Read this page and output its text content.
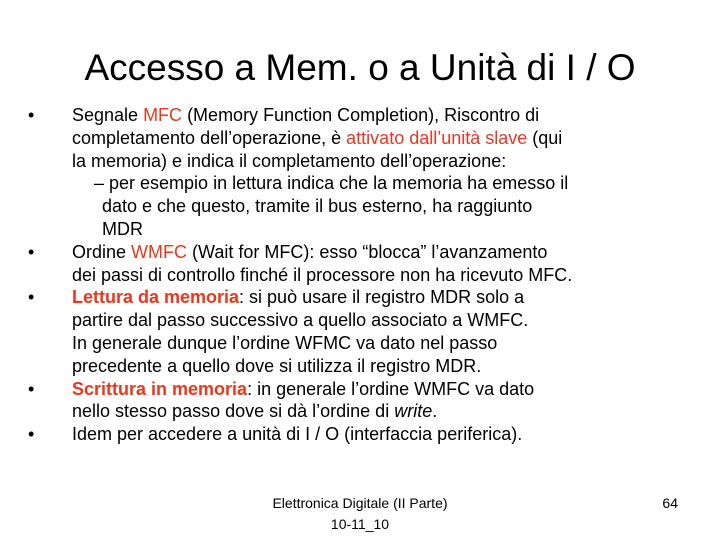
Accesso a Mem. o a Unità di I / O
•	Segnale MFC (Memory Function Completion), Riscontro di
completamento dell’operazione, è attivato dall’unità slave (qui
la memoria) e indica il completamento dell’operazione:
– per esempio in lettura indica che la memoria ha emesso il
dato e che questo, tramite il bus esterno, ha raggiunto
MDR
•	Ordine WMFC (Wait for MFC): esso “blocca” l’avanzamento
dei passi di controllo finché il processore non ha ricevuto MFC.
•	Lettura da memoria: si può usare il registro MDR solo a
partire dal passo successivo a quello associato a WMFC.
In generale dunque l’ordine WFMC va dato nel passo
precedente a quello dove si utilizza il registro MDR.
•	Scrittura in memoria: in generale l’ordine WMFC va dato
nello stesso passo dove si dà l’ordine di write.
•	Idem per accedere a unità di I / O (interfaccia periferica).
Elettronica Digitale (II Parte)
10-11_10
64
